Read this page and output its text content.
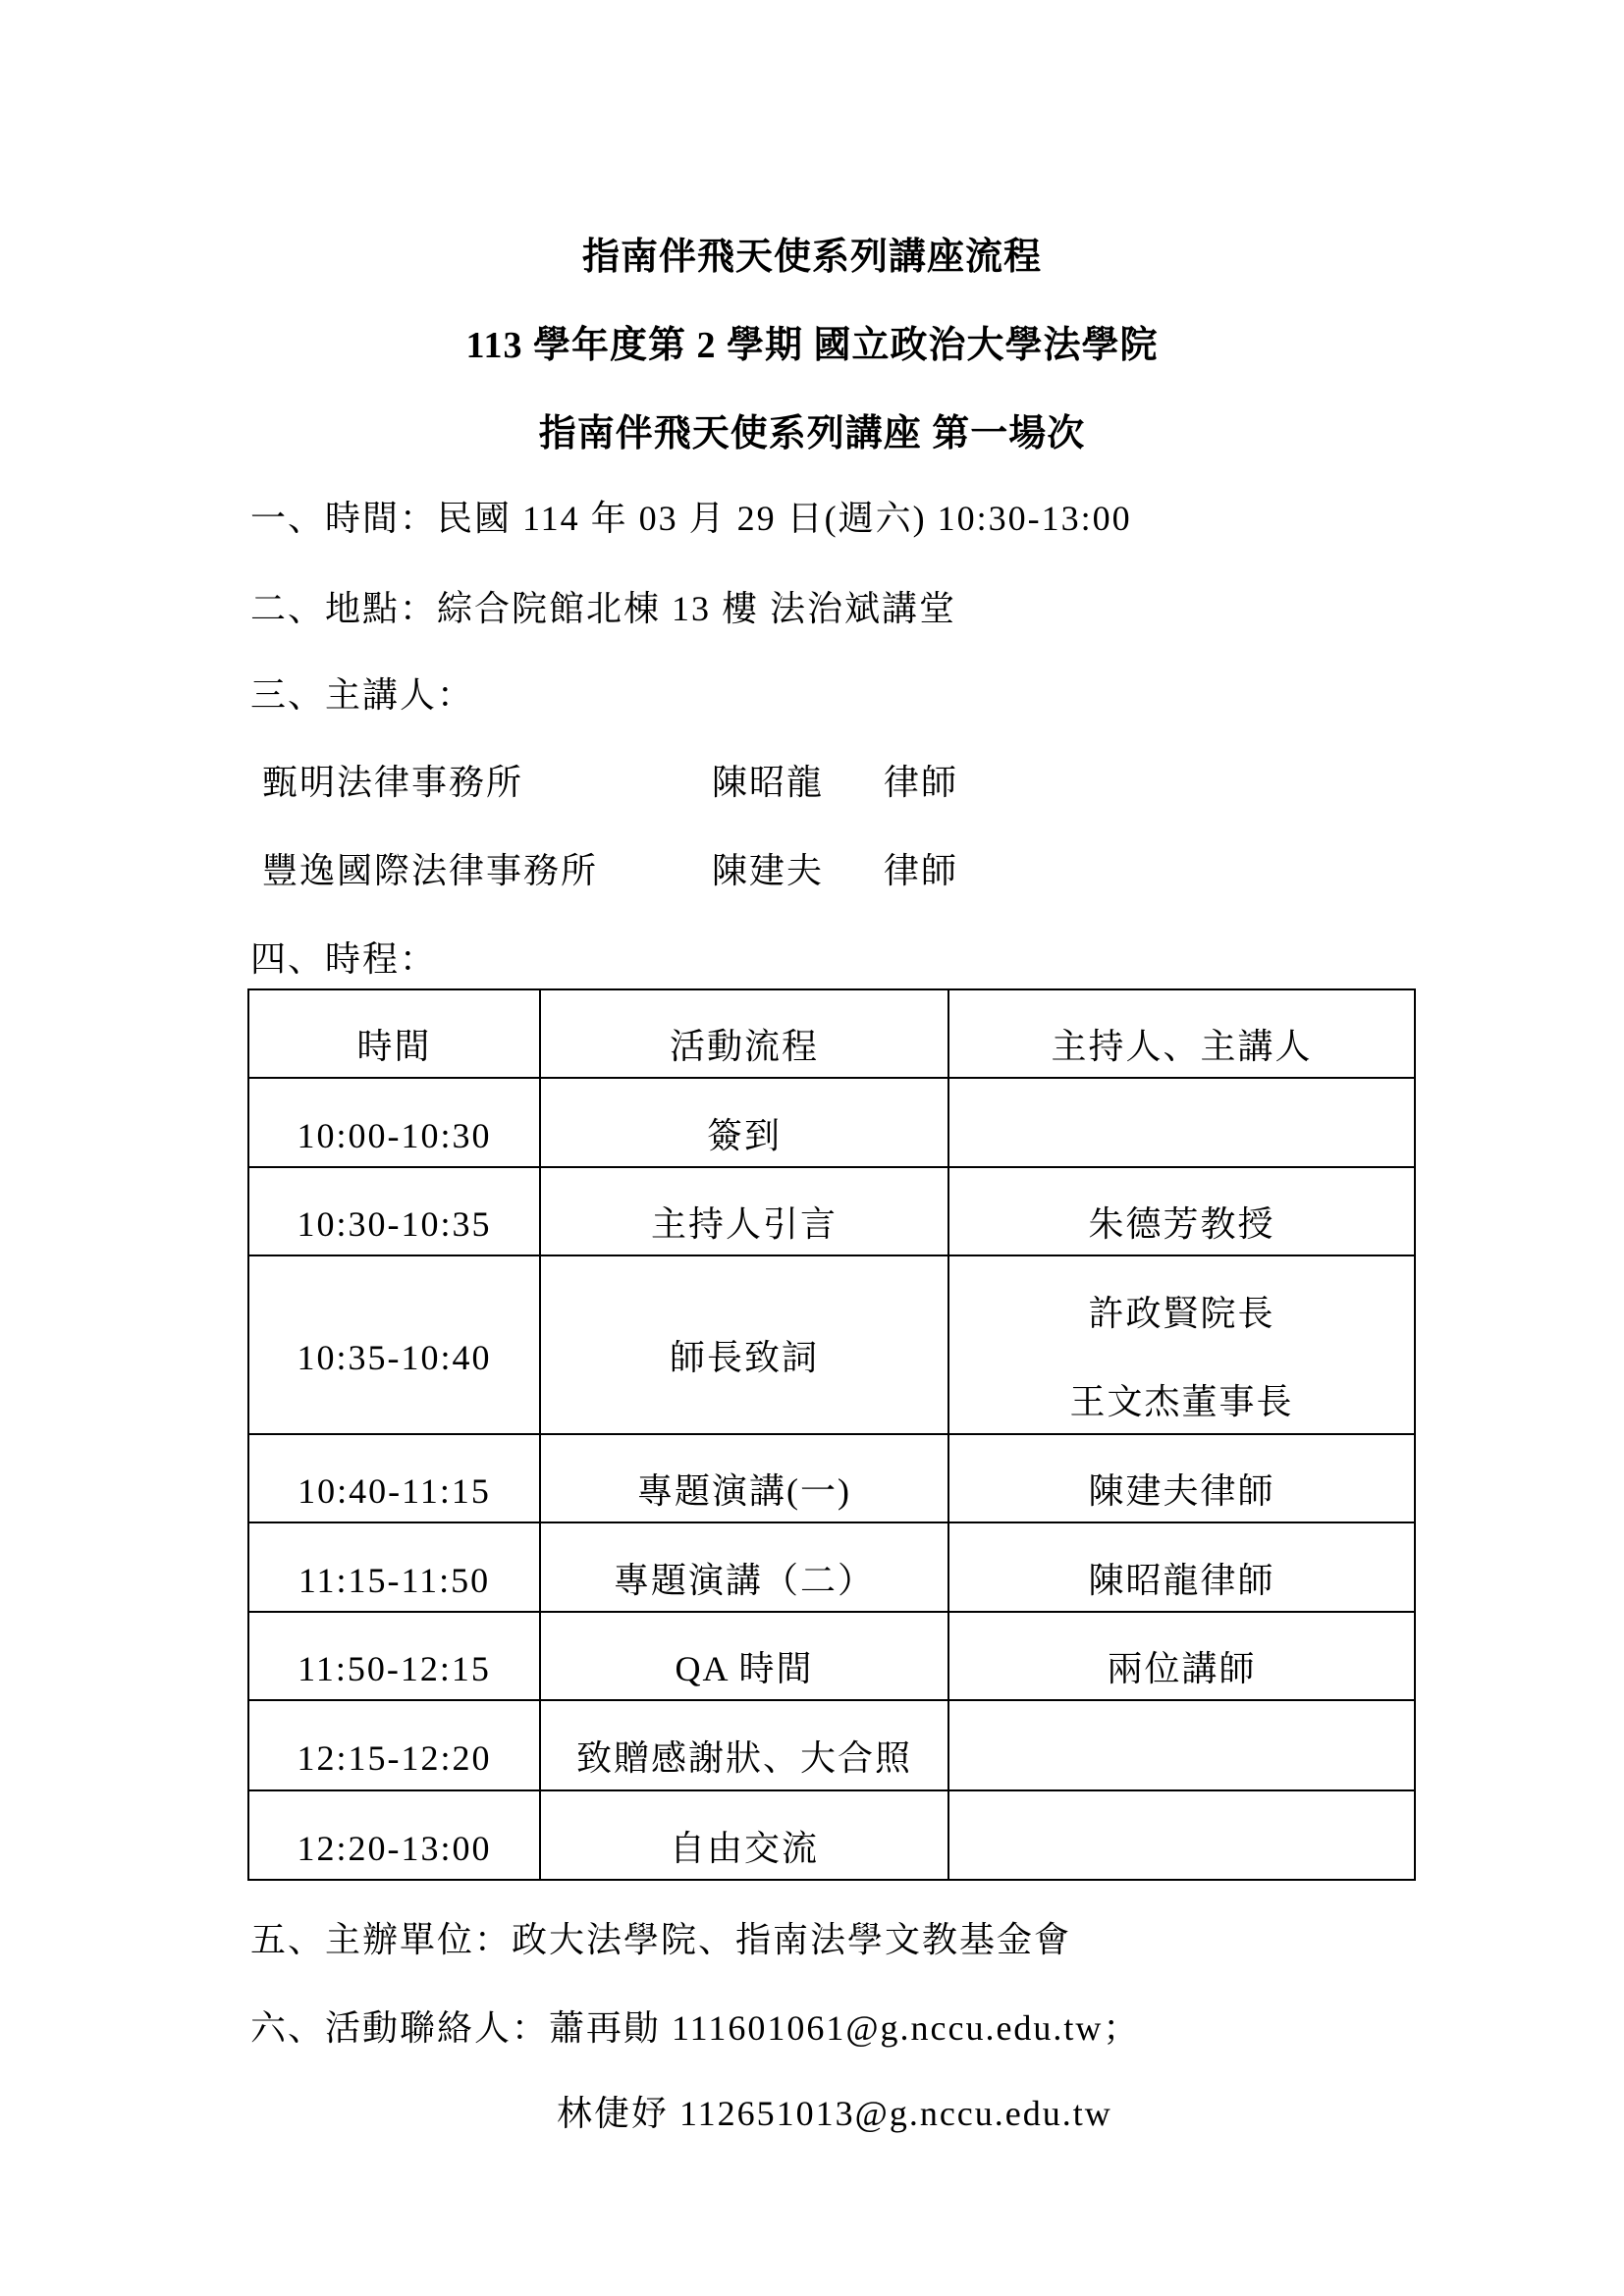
指南伴飛天使系列講座流程
113 學年度第 2 學期 國立政治大學法學院
指南伴飛天使系列講座 第一場次
一、時間：民國 114 年 03 月 29 日(週六) 10:30-13:00
二、地點：綜合院館北棟 13 樓 法治斌講堂
三、主講人：
甄明法律事務所	陳昭龍 律師
豐逸國際法律事務所	陳建夫 律師
四、時程：
時間	活動流程	主持人、主講人

10:00-10:30	簽到	

10:30-10:35	主持人引言	朱德芳教授

10:35-10:40	師長致詞	許政賢院長
王文杰董事長

10:40-11:15	專題演講(一)	陳建夫律師

11:15-11:50	專題演講（二）	陳昭龍律師

11:50-12:15	QA 時間	兩位講師

12:15-12:20	致贈感謝狀、大合照	

12:20-13:00	自由交流	

五、主辦單位：政大法學院、指南法學文教基金會
六、活動聯絡人：蕭再勛 111601061@g.nccu.edu.tw；
林倢妤 112651013@g.nccu.edu.tw
